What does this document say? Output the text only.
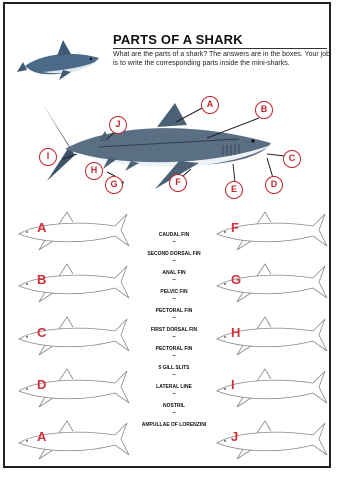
PARTS OF A SHARK
What are the parts of a shark? The answers are in the boxes. Your job is to write the corresponding parts inside the mini-sharks.
A	B
C
D
E
F
G
H
I
J
A
B
C
D
A
F
G
H
I
J
CAUDAL FIN
–
SECOND DORSAL FIN
–
ANAL FIN
–
PELVIC FIN
–
PECTORAL FIN
–
FIRST DORSAL FIN
–
PECTORAL FIN
–
5 GILL SLITS
–
LATERAL LINE
–
NOSTRIL
–
AMPULLAE OF LORENZINI
